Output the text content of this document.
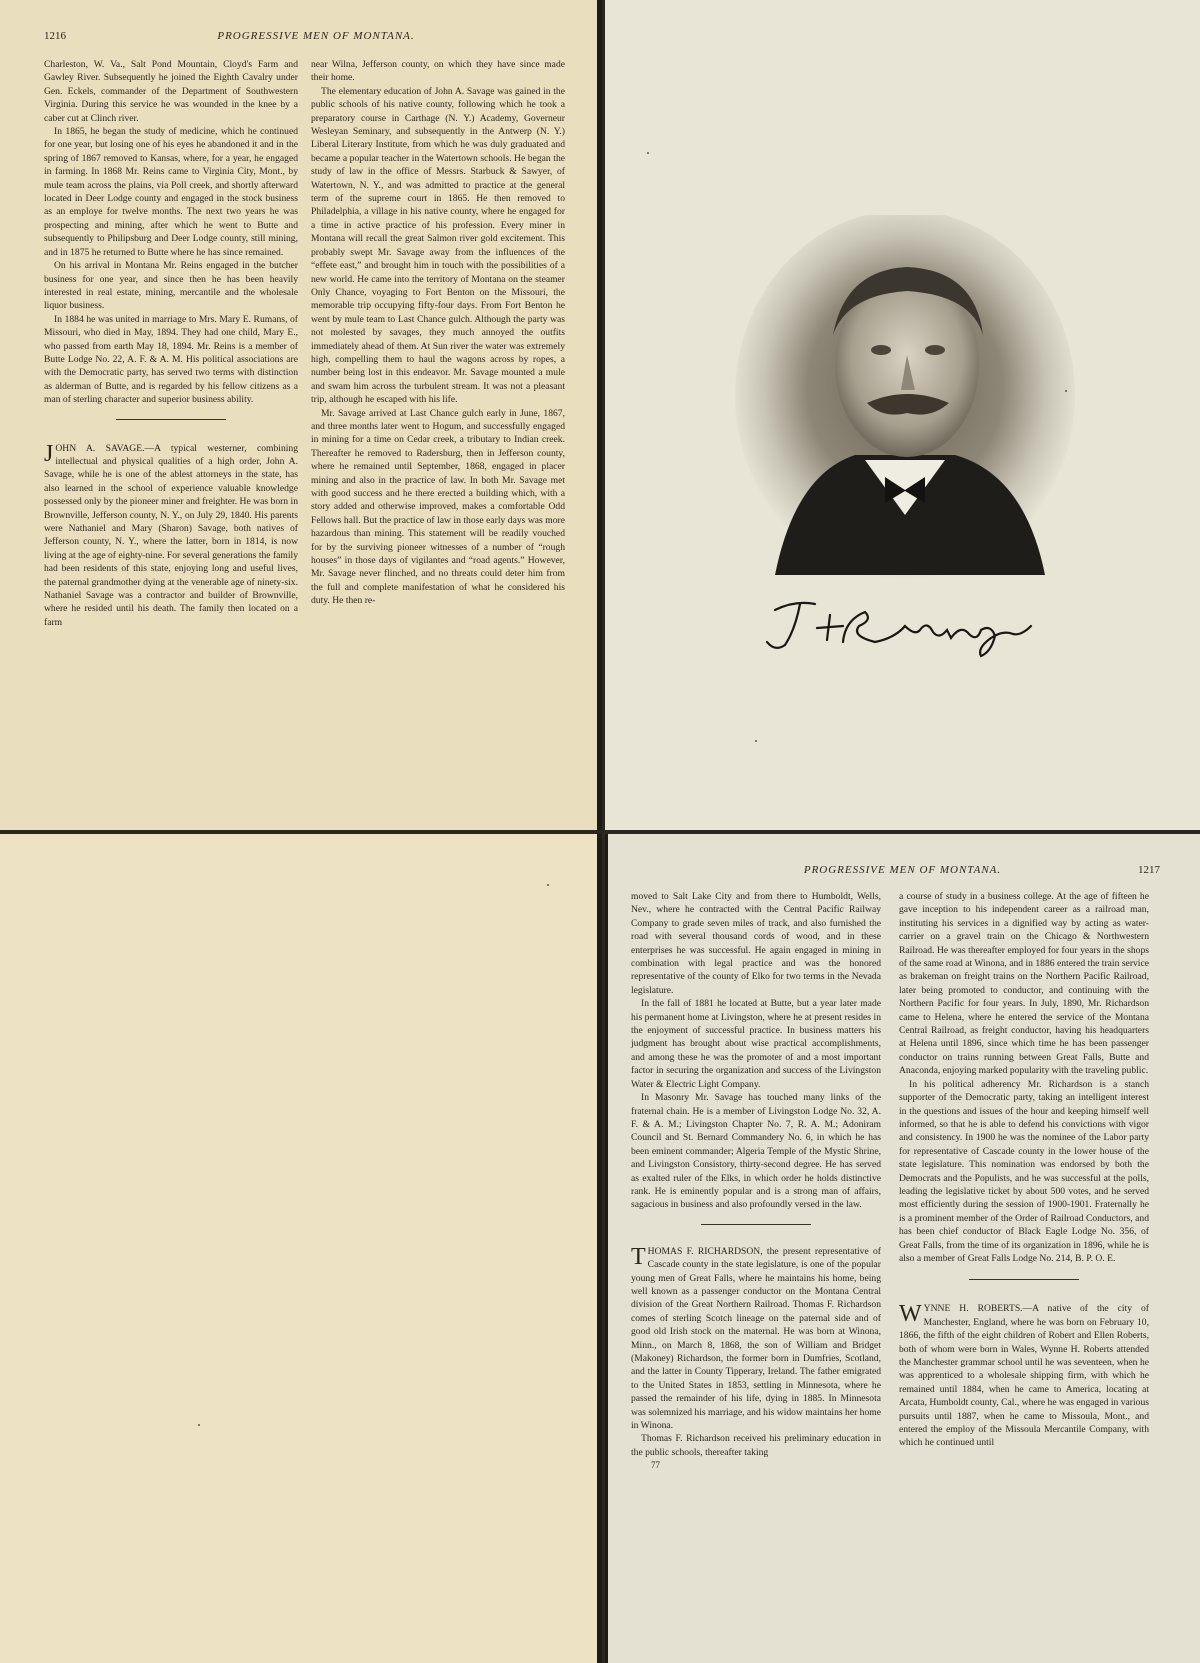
1216	PROGRESSIVE MEN OF MONTANA.

Charleston, W. Va., Salt Pond Mountain, Cloyd's Farm and Gawley River. Subsequently he joined the Eighth Cavalry under Gen. Eckels, commander of the Department of Southwestern Virginia. During this service he was wounded in the knee by a caber cut at Clinch river.

In 1865, he began the study of medicine, which he continued for one year, but losing one of his eyes he abandoned it and in the spring of 1867 removed to Kansas, where, for a year, he engaged in farming. In 1868 Mr. Reins came to Virginia City, Mont., by mule team across the plains, via Poll creek, and shortly afterward located in Deer Lodge county and engaged in the stock business as an employe for twelve months. The next two years he was prospecting and mining, after which he went to Butte and subsequently to Philipsburg and Deer Lodge county, still mining, and in 1875 he returned to Butte where he has since remained.

On his arrival in Montana Mr. Reins engaged in the butcher business for one year, and since then he has been heavily interested in real estate, mining, mercantile and the wholesale liquor business.

In 1884 he was united in marriage to Mrs. Mary E. Rumans, of Missouri, who died in May, 1894. They had one child, Mary E., who passed from earth May 18, 1894. Mr. Reins is a member of Butte Lodge No. 22, A. F. & A. M. His political associations are with the Democratic party, has served two terms with distinction as alderman of Butte, and is regarded by his fellow citizens as a man of sterling character and superior business ability.

JOHN A. SAVAGE.—A typical westerner, combining intellectual and physical qualities of a high order, John A. Savage, while he is one of the ablest attorneys in the state, has also learned in the school of experience valuable knowledge possessed only by the pioneer miner and freighter. He was born in Brownville, Jefferson county, N. Y., on July 29, 1840. His parents were Nathaniel and Mary (Sharon) Savage, both natives of Jefferson county, N. Y., where the latter, born in 1814, is now living at the age of eighty-nine. For several generations the family had been residents of this state, enjoying long and useful lives, the paternal grandmother dying at the venerable age of ninety-six. Nathaniel Savage was a contractor and builder of Brownville, where he resided until his death. The family then located on a farm

near Wilna, Jefferson county, on which they have since made their home.

The elementary education of John A. Savage was gained in the public schools of his native county, following which he took a preparatory course in Carthage (N. Y.) Academy, Governeur Wesleyan Seminary, and subsequently in the Antwerp (N. Y.) Liberal Literary Institute, from which he was duly graduated and became a popular teacher in the Watertown schools. He began the study of law in the office of Messrs. Starbuck & Sawyer, of Watertown, N. Y., and was admitted to practice at the general term of the supreme court in 1865. He then removed to Philadelphia, a village in his native county, where he engaged for a time in active practice of his profession. Every miner in Montana will recall the great Salmon river gold excitement. This probably swept Mr. Savage away from the influences of the “effete east,” and brought him in touch with the possibilities of a new world. He came into the territory of Montana on the steamer Only Chance, voyaging to Fort Benton on the Missouri, the memorable trip occupying fifty-four days. From Fort Benton he went by mule team to Last Chance gulch. Although the party was not molested by savages, they much annoyed the outfits immediately ahead of them. At Sun river the water was extremely high, compelling them to haul the wagons across by ropes, a number being lost in this endeavor. Mr. Savage mounted a mule and swam him across the turbulent stream. It was not a pleasant trip, although he escaped with his life.

Mr. Savage arrived at Last Chance gulch early in June, 1867, and three months later went to Hogum, and successfully engaged in mining for a time on Cedar creek, a tributary to Indian creek. Thereafter he removed to Radersburg, then in Jefferson county, where he remained until September, 1868, engaged in placer mining and also in the practice of law. In both Mr. Savage met with good success and he there erected a building which, with a story added and otherwise improved, makes a comfortable Odd Fellows hall. But the practice of law in those early days was more hazardous than mining. This statement will be readily vouched for by the surviving pioneer witnesses of a number of “rough houses” in those days of vigilantes and “road agents.” However, Mr. Savage never flinched, and no threats could deter him from the full and complete manifestation of what he considered his duty. He then re-

PROGRESSIVE MEN OF MONTANA.	1217

moved to Salt Lake City and from there to Humboldt, Wells, Nev., where he contracted with the Central Pacific Railway Company to grade seven miles of track, and also furnished the road with several thousand cords of wood, and in these enterprises he was successful. He again engaged in mining in combination with legal practice and was the honored representative of the county of Elko for two terms in the Nevada legislature.

In the fall of 1881 he located at Butte, but a year later made his permanent home at Livingston, where he at present resides in the enjoyment of successful practice. In business matters his judgment has brought about wise practical accomplishments, and among these he was the promoter of and a most important factor in securing the organization and success of the Livingston Water & Electric Light Company.

In Masonry Mr. Savage has touched many links of the fraternal chain. He is a member of Livingston Lodge No. 32, A. F. & A. M.; Livingston Chapter No. 7, R. A. M.; Adoniram Council and St. Bernard Commandery No. 6, in which he has been eminent commander; Algeria Temple of the Mystic Shrine, and Livingston Consistory, thirty-second degree. He has served as exalted ruler of the Elks, in which order he holds distinctive rank. He is eminently popular and is a strong man of affairs, sagacious in business and also profoundly versed in the law.

THOMAS F. RICHARDSON, the present representative of Cascade county in the state legislature, is one of the popular young men of Great Falls, where he maintains his home, being well known as a passenger conductor on the Montana Central division of the Great Northern Railroad. Thomas F. Richardson comes of sterling Scotch lineage on the paternal side and of good old Irish stock on the maternal. He was born at Winona, Minn., on March 8, 1868, the son of William and Bridget (Makoney) Richardson, the former born in Dumfries, Scotland, and the latter in County Tipperary, Ireland. The father emigrated to the United States in 1853, settling in Minnesota, where he passed the remainder of his life, dying in 1885. In Minnesota was solemnized his marriage, and his widow maintains her home in Winona.

Thomas F. Richardson received his preliminary education in the public schools, thereafter taking

77

a course of study in a business college. At the age of fifteen he gave inception to his independent career as a railroad man, instituting his services in a dignified way by acting as water-carrier on a gravel train on the Chicago & Northwestern Railroad. He was thereafter employed for four years in the shops of the same road at Winona, and in 1886 entered the train service as brakeman on freight trains on the Northern Pacific Railroad, later being promoted to conductor, and continuing with the Northern Pacific for four years. In July, 1890, Mr. Richardson came to Helena, where he entered the service of the Montana Central Railroad, as freight conductor, having his headquarters at Helena until 1896, since which time he has been passenger conductor on trains running between Great Falls, Butte and Anaconda, enjoying marked popularity with the traveling public.

In his political adherency Mr. Richardson is a stanch supporter of the Democratic party, taking an intelligent interest in the questions and issues of the hour and keeping himself well informed, so that he is able to defend his convictions with vigor and consistency. In 1900 he was the nominee of the Labor party for representative of Cascade county in the lower house of the state legislature. This nomination was endorsed by both the Democrats and the Populists, and he was successful at the polls, leading the legislative ticket by about 500 votes, and he served most efficiently during the session of 1900-1901. Fraternally he is a prominent member of the Order of Railroad Conductors, and has been chief conductor of Black Eagle Lodge No. 356, of Great Falls, from the time of its organization in 1896, while he is also a member of Great Falls Lodge No. 214, B. P. O. E.

WYNNE H. ROBERTS.—A native of the city of Manchester, England, where he was born on February 10, 1866, the fifth of the eight children of Robert and Ellen Roberts, both of whom were born in Wales, Wynne H. Roberts attended the Manchester grammar school until he was seventeen, when he was apprenticed to a wholesale shipping firm, with which he remained until 1884, when he came to America, locating at Arcata, Humboldt county, Cal., where he was engaged in various pursuits until 1887, when he came to Missoula, Mont., and entered the employ of the Missoula Mercantile Company, with which he continued until
